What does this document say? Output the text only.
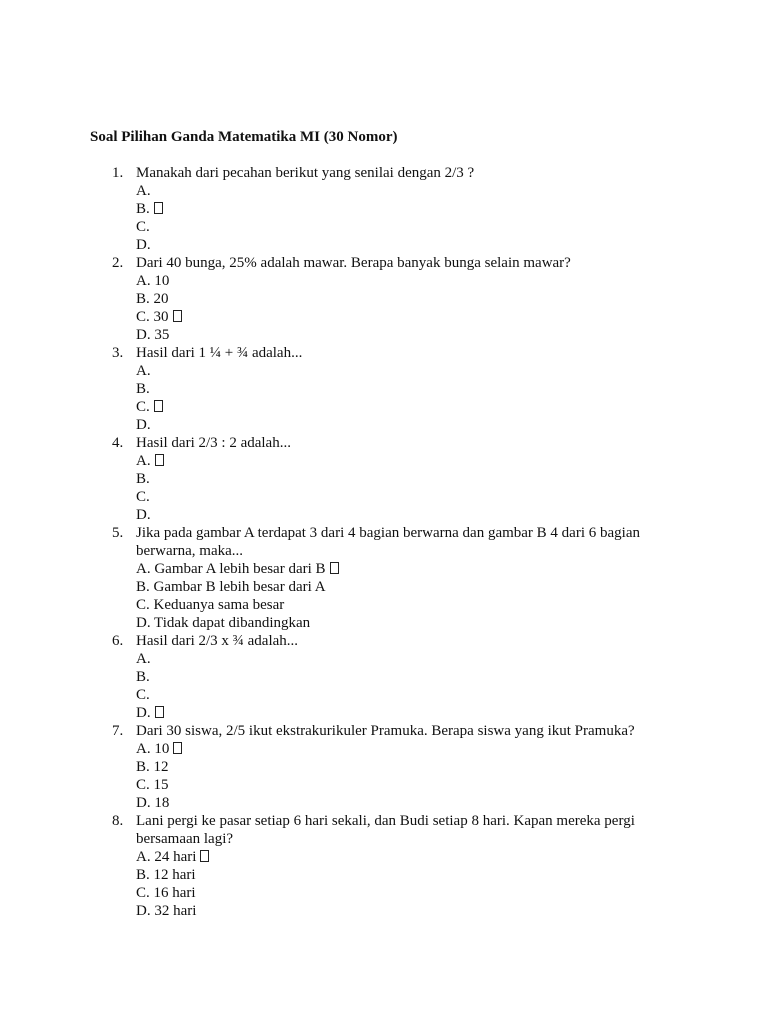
Soal Pilihan Ganda Matematika MI (30 Nomor)
1. Manakah dari pecahan berikut yang senilai dengan 2/3 ?
A.
B.
C.
D.
2. Dari 40 bunga, 25% adalah mawar. Berapa banyak bunga selain mawar?
A. 10
B. 20
C. 30
D. 35
3. Hasil dari 1 ¼ + ¾ adalah...
A.
B.
C.
D.
4. Hasil dari 2/3 : 2 adalah...
A.
B.
C.
D.
5. Jika pada gambar A terdapat 3 dari 4 bagian berwarna dan gambar B 4 dari 6 bagian berwarna, maka...
A. Gambar A lebih besar dari B
B. Gambar B lebih besar dari A
C. Keduanya sama besar
D. Tidak dapat dibandingkan
6. Hasil dari 2/3 x ¾ adalah...
A.
B.
C.
D.
7. Dari 30 siswa, 2/5 ikut ekstrakurikuler Pramuka. Berapa siswa yang ikut Pramuka?
A. 10
B. 12
C. 15
D. 18
8. Lani pergi ke pasar setiap 6 hari sekali, dan Budi setiap 8 hari. Kapan mereka pergi bersamaan lagi?
A. 24 hari
B. 12 hari
C. 16 hari
D. 32 hari
